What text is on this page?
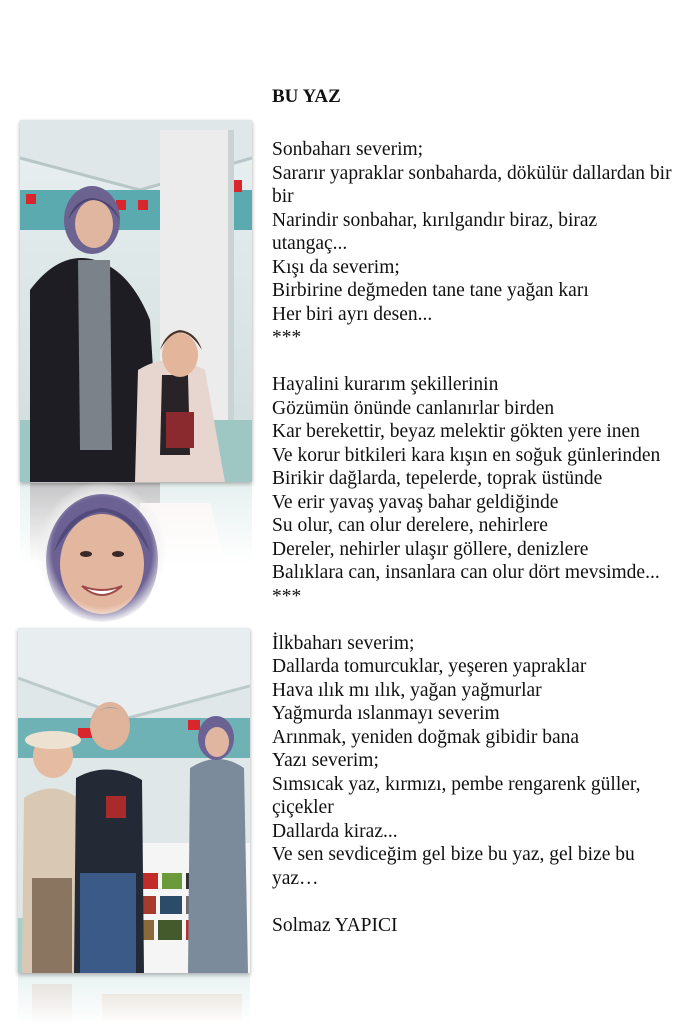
BU YAZ
Sonbaharı severim;
Sararır yapraklar sonbaharda, dökülür dallardan bir bir
Narindir sonbahar, kırılgandır biraz, biraz utangaç...
Kışı da severim;
Birbirine değmeden tane tane yağan karı
Her biri ayrı desen...
***
Hayalini kurarım şekillerinin
Gözümün önünde canlanırlar birden
Kar berekettir, beyaz melektir gökten yere inen
Ve korur bitkileri kara kışın en soğuk günlerinden
Birikir dağlarda, tepelerde, toprak üstünde
Ve erir yavaş yavaş bahar geldiğinde
Su olur, can olur derelere, nehirlere
Dereler, nehirler ulaşır göllere, denizlere
Balıklara can, insanlara can olur dört mevsimde...
***
İlkbaharı severim;
Dallarda tomurcuklar, yeşeren yapraklar
Hava ılık mı ılık, yağan yağmurlar
Yağmurda ıslanmayı severim
Arınmak, yeniden doğmak gibidir bana
Yazı severim;
Sımsıcak yaz, kırmızı, pembe rengarenk güller, çiçekler
Dallarda kiraz...
Ve sen sevdiceğim gel bize bu yaz, gel bize bu yaz…
Solmaz YAPICI
